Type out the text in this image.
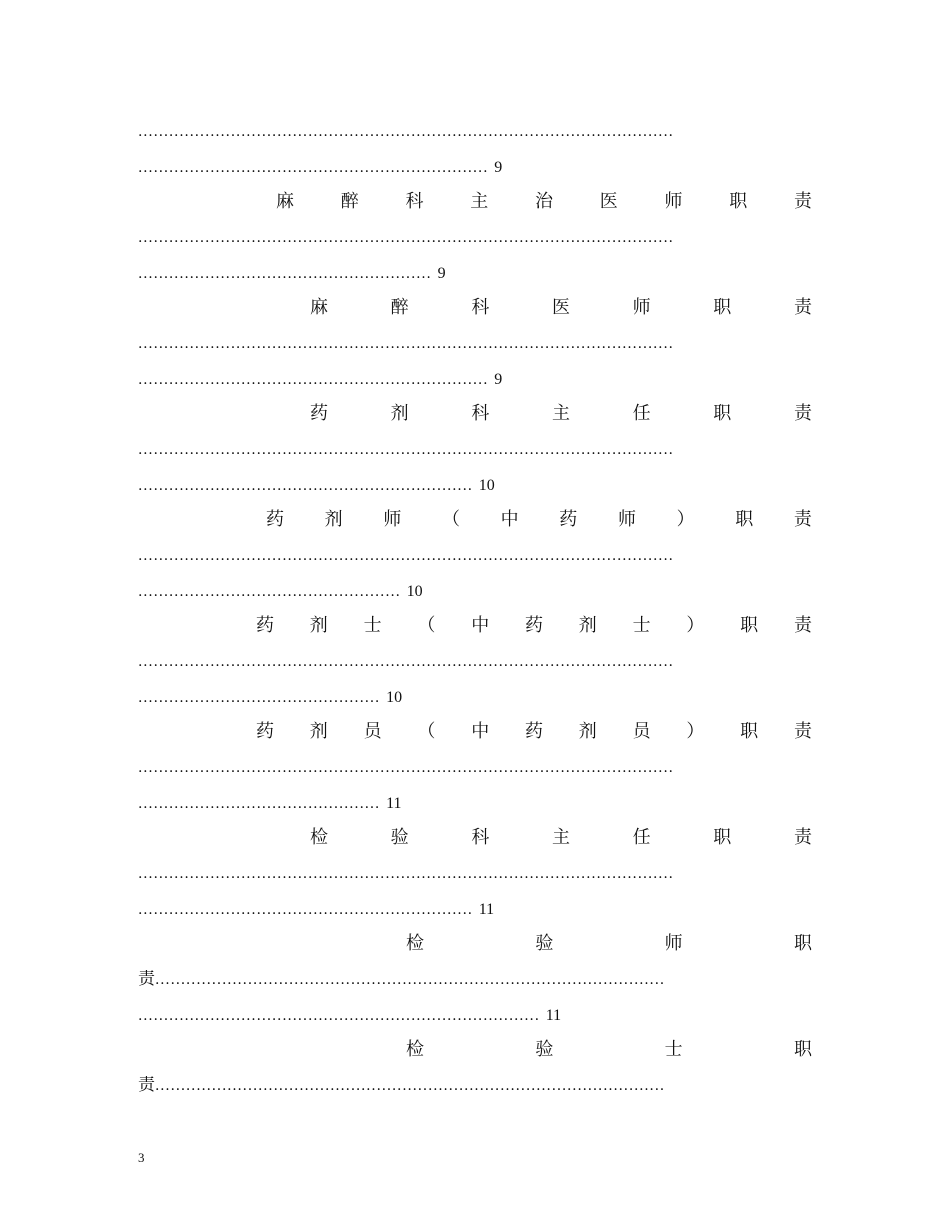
........................................................................................................
.................................................................... 9
麻	醉	科	主	治	医	师	职	责
........................................................................................................
......................................................... 9
麻	醉	科	医	师	职	责
........................................................................................................
.................................................................... 9
药	剂	科	主	任	职	责
........................................................................................................
................................................................. 10
药 剂 师 （ 中 药 师 ） 职 责
........................................................................................................
................................................... 10
药 剂 士 （ 中 药 剂 士 ） 职 责
........................................................................................................
............................................... 10
药 剂 员 （ 中 药 剂 员 ） 职 责
........................................................................................................
............................................... 11
检	验	科	主	任	职	责
........................................................................................................
................................................................. 11
检	验	师	职
责...................................................................................................
.............................................................................. 11
检	验	士	职
责...................................................................................................
3
